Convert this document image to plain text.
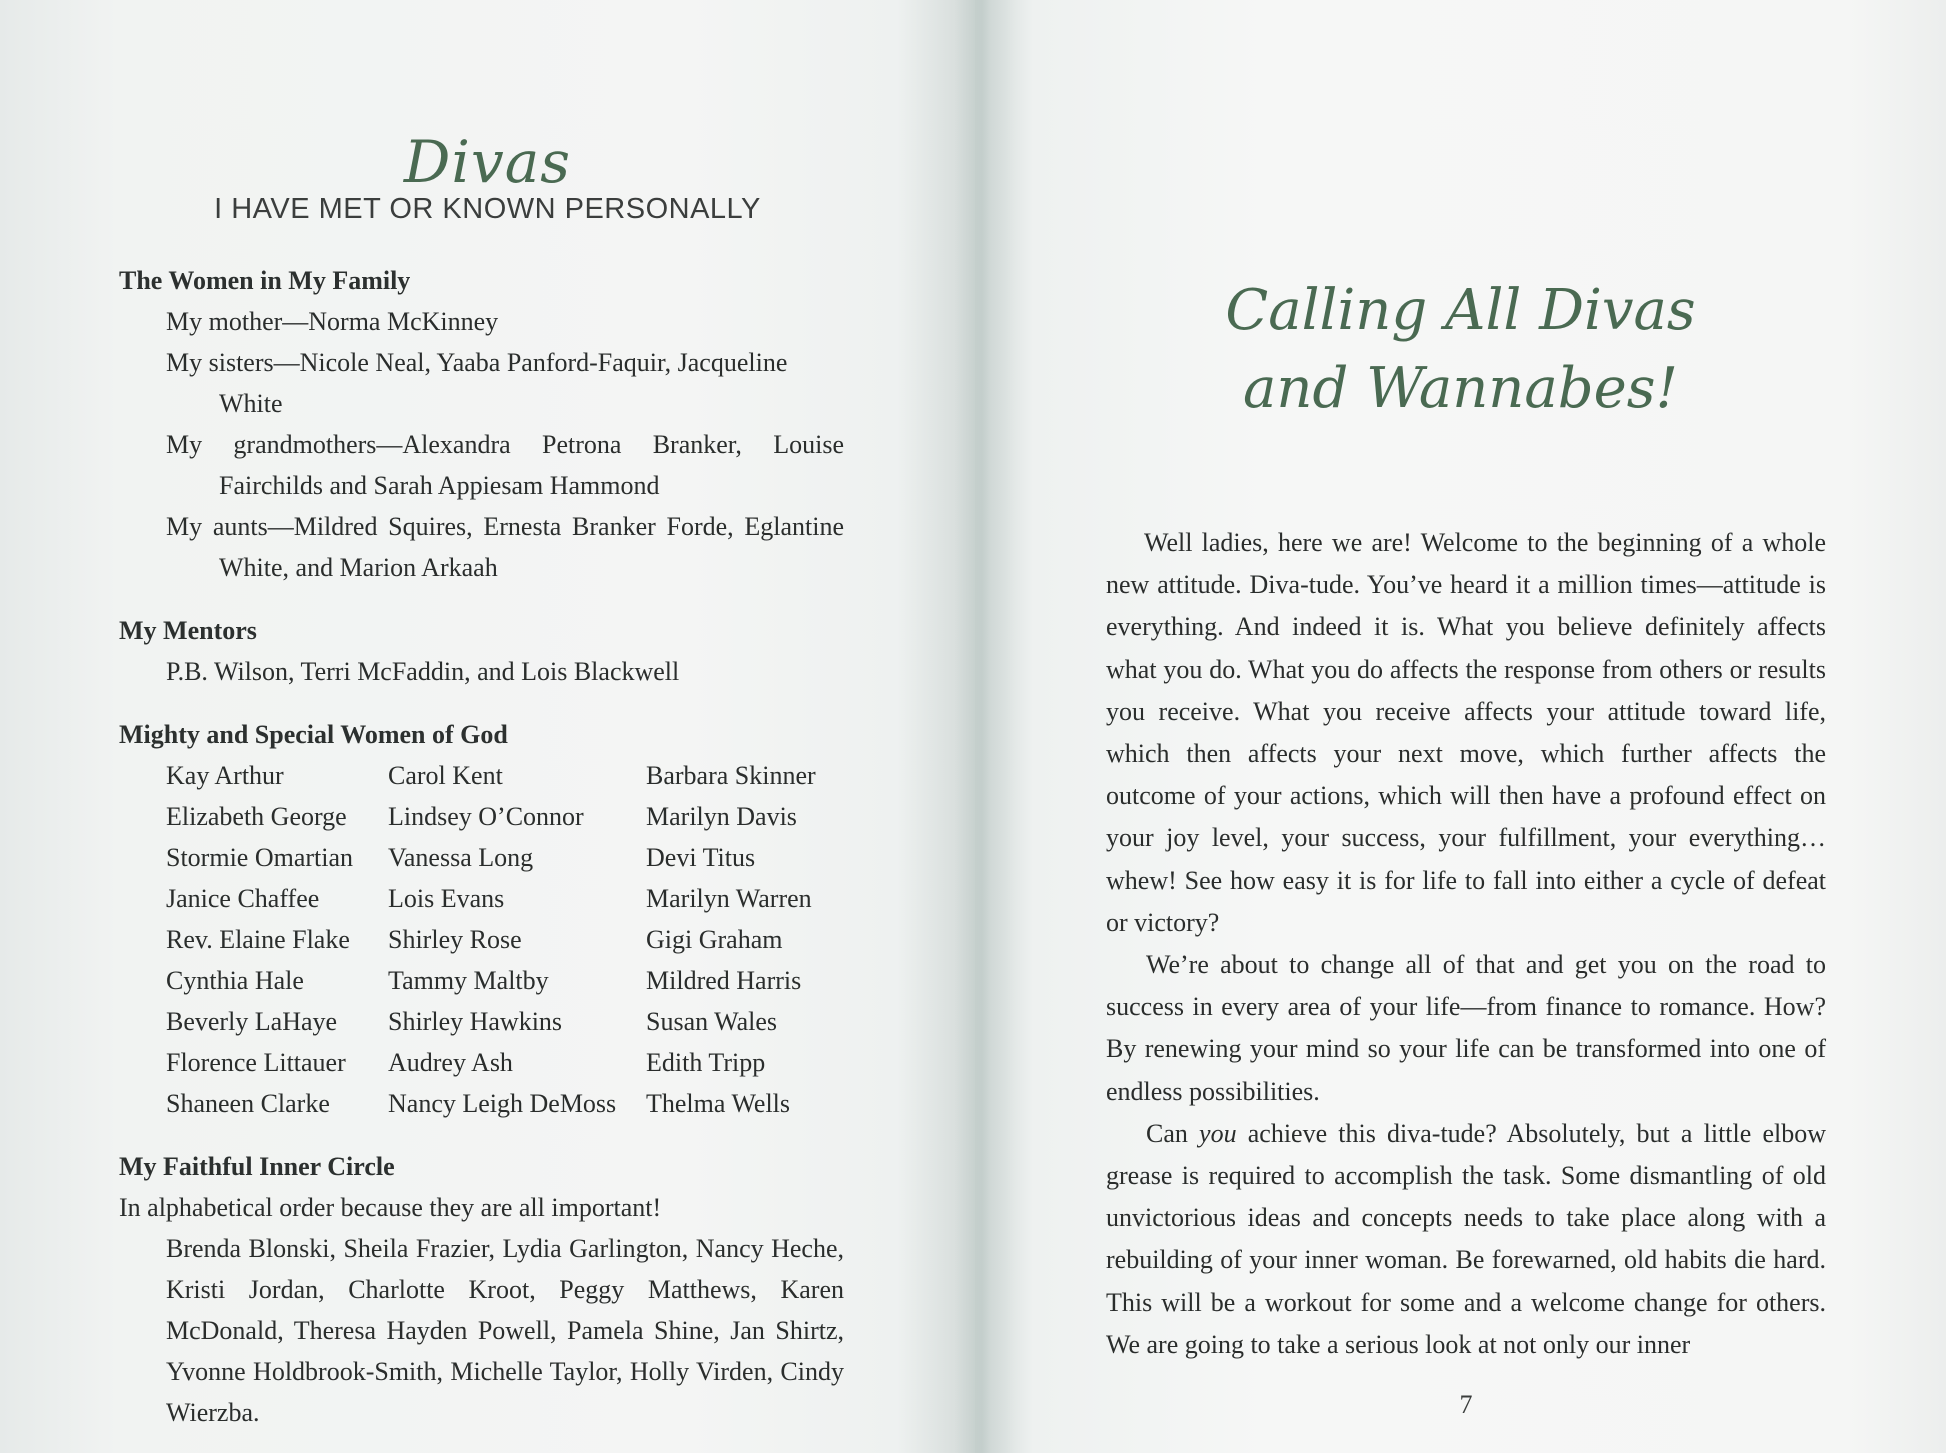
Divas
I HAVE MET OR KNOWN PERSONALLY
The Women in My Family
My mother—Norma McKinney
My sisters—Nicole Neal, Yaaba Panford-Faquir, Jacqueline White
My grandmothers—Alexandra Petrona Branker, Louise Fairchilds and Sarah Appiesam Hammond
My aunts—Mildred Squires, Ernesta Branker Forde, Eglantine White, and Marion Arkaah
My Mentors
P.B. Wilson, Terri McFaddin, and Lois Blackwell
Mighty and Special Women of God
Kay Arthur	Carol Kent	Barbara Skinner
Elizabeth George	Lindsey O’Connor	Marilyn Davis
Stormie Omartian	Vanessa Long	Devi Titus
Janice Chaffee	Lois Evans	Marilyn Warren
Rev. Elaine Flake	Shirley Rose	Gigi Graham
Cynthia Hale	Tammy Maltby	Mildred Harris
Beverly LaHaye	Shirley Hawkins	Susan Wales
Florence Littauer	Audrey Ash	Edith Tripp
Shaneen Clarke	Nancy Leigh DeMoss	Thelma Wells
My Faithful Inner Circle
In alphabetical order because they are all important!
Brenda Blonski, Sheila Frazier, Lydia Garlington, Nancy Heche, Kristi Jordan, Charlotte Kroot, Peggy Matthews, Karen McDonald, Theresa Hayden Powell, Pamela Shine, Jan Shirtz, Yvonne Holdbrook-Smith, Michelle Taylor, Holly Virden, Cindy Wierzba.
Calling All Divas
and Wannabes!

Well ladies, here we are! Welcome to the beginning of a whole new attitude. Diva-tude. You’ve heard it a million times—attitude is everything. And indeed it is. What you believe definitely affects what you do. What you do affects the response from others or results you receive. What you receive affects your attitude toward life, which then affects your next move, which further affects the outcome of your actions, which will then have a profound effect on your joy level, your success, your fulfillment, your everything… whew! See how easy it is for life to fall into either a cycle of defeat or victory?

We’re about to change all of that and get you on the road to success in every area of your life—from finance to romance. How? By renewing your mind so your life can be transformed into one of endless possibilities.

Can you achieve this diva-tude? Absolutely, but a little elbow grease is required to accomplish the task. Some dismantling of old unvictorious ideas and concepts needs to take place along with a rebuilding of your inner woman. Be forewarned, old habits die hard. This will be a workout for some and a welcome change for others. We are going to take a serious look at not only our inner

7
